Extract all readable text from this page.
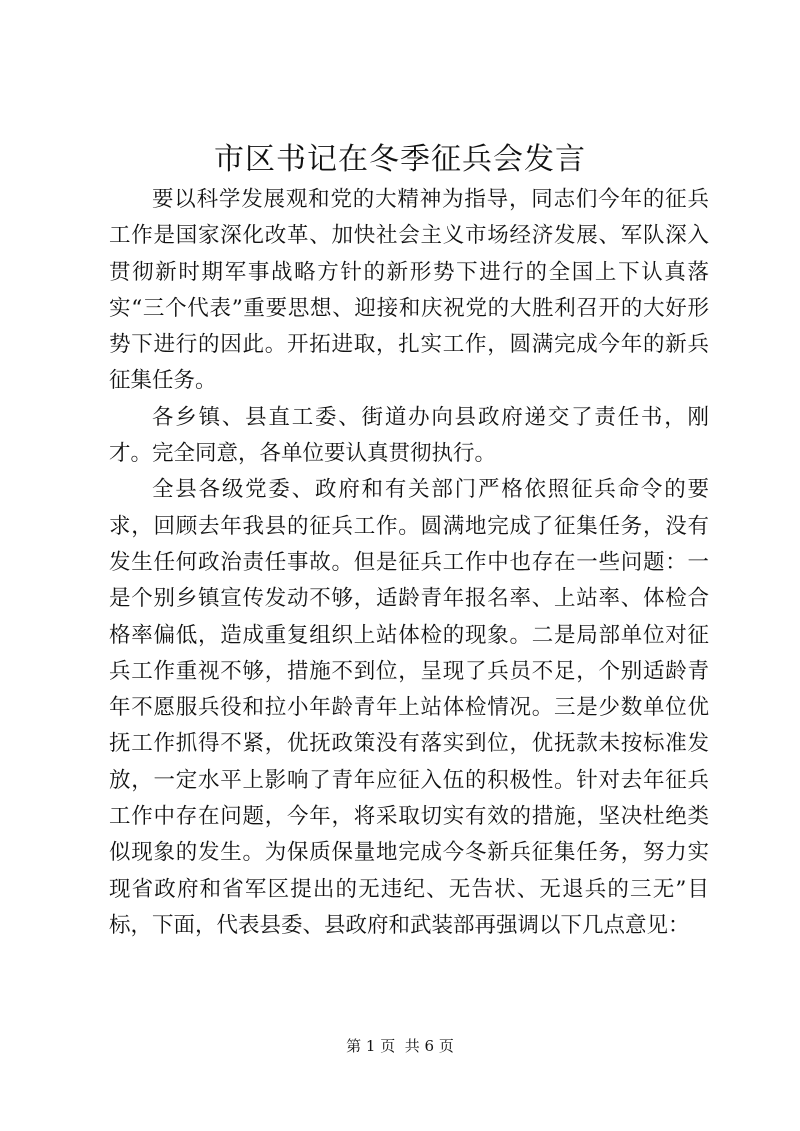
市区书记在冬季征兵会发言

要以科学发展观和党的大精神为指导，同志们今年的征兵工作是国家深化改革、加快社会主义市场经济发展、军队深入贯彻新时期军事战略方针的新形势下进行的全国上下认真落实“三个代表”重要思想、迎接和庆祝党的大胜利召开的大好形势下进行的因此。开拓进取，扎实工作，圆满完成今年的新兵征集任务。

各乡镇、县直工委、街道办向县政府递交了责任书，刚才。完全同意，各单位要认真贯彻执行。

全县各级党委、政府和有关部门严格依照征兵命令的要求，回顾去年我县的征兵工作。圆满地完成了征集任务，没有发生任何政治责任事故。但是征兵工作中也存在一些问题：一是个别乡镇宣传发动不够，适龄青年报名率、上站率、体检合格率偏低，造成重复组织上站体检的现象。二是局部单位对征兵工作重视不够，措施不到位，呈现了兵员不足，个别适龄青年不愿服兵役和拉小年龄青年上站体检情况。三是少数单位优抚工作抓得不紧，优抚政策没有落实到位，优抚款未按标准发放，一定水平上影响了青年应征入伍的积极性。针对去年征兵工作中存在问题，今年，将采取切实有效的措施，坚决杜绝类似现象的发生。为保质保量地完成今冬新兵征集任务，努力实现省政府和省军区提出的无违纪、无告状、无退兵的三无”目标，下面，代表县委、县政府和武装部再强调以下几点意见：

第 1 页  共 6 页
